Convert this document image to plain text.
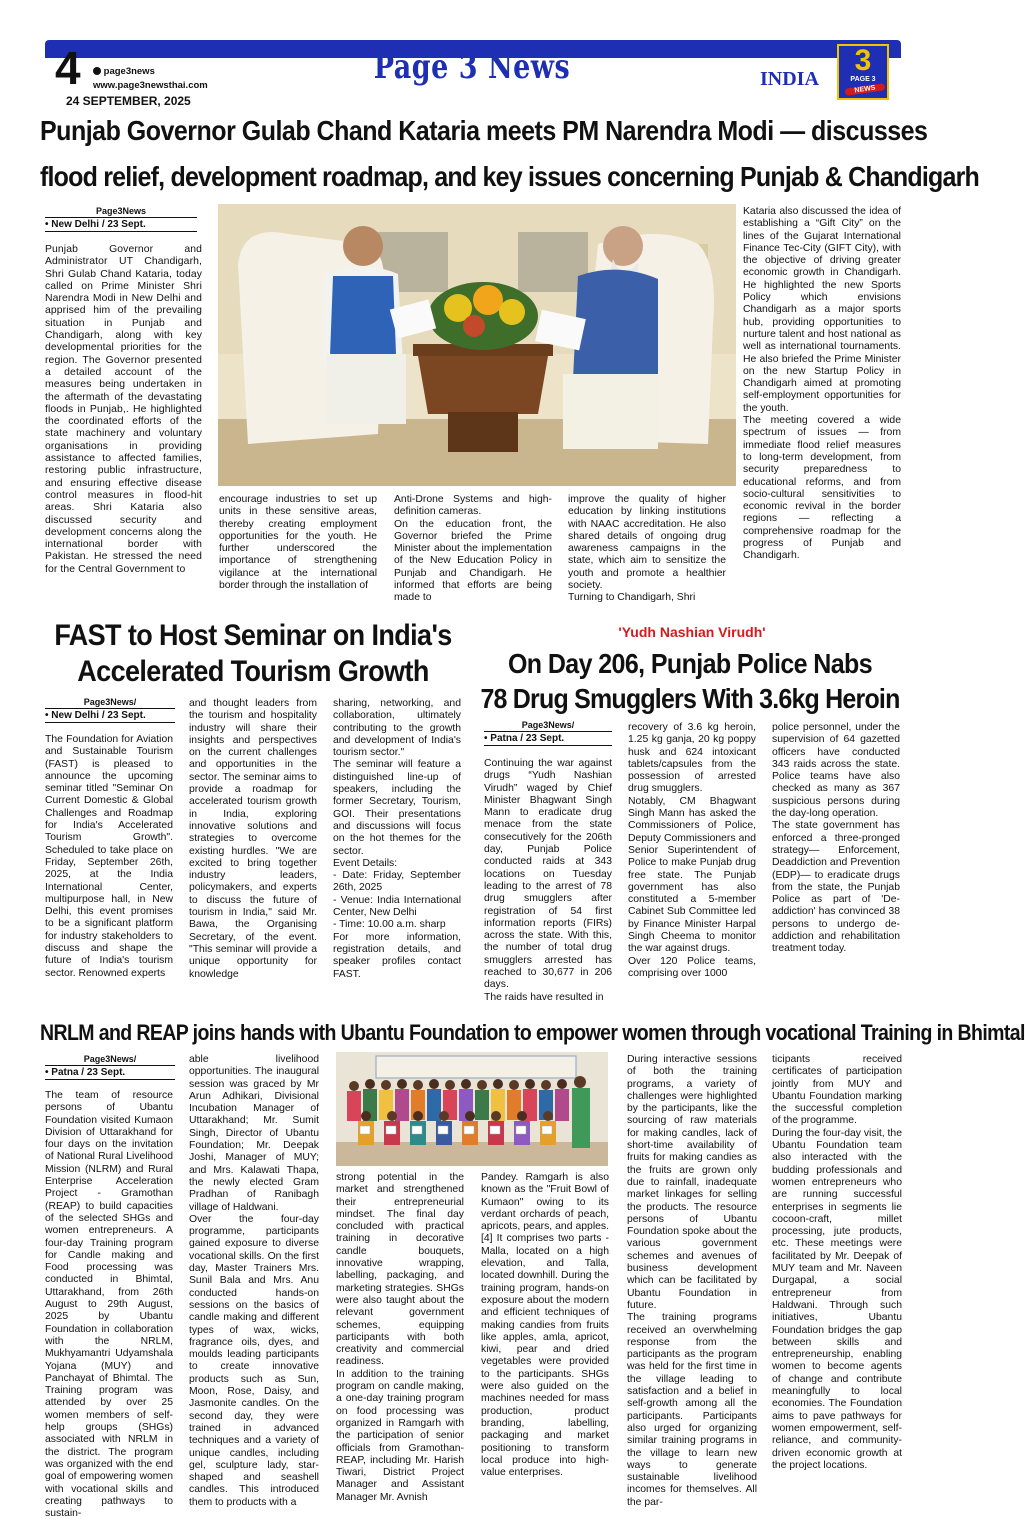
4	page3news
www.page3newsthai.com
24 SEPTEMBER, 2025
Page 3 News	INDIA
3
PAGE 3
NEWS
Punjab Governor Gulab Chand Kataria meets PM Narendra Modi — discusses
flood relief, development roadmap, and key issues concerning Punjab & Chandigarh
Page3News
• New Delhi / 23 Sept.
Punjab Governor and Administrator UT Chandigarh, Shri Gulab Chand Kataria, today called on Prime Minister Shri Narendra Modi in New Delhi and apprised him of the prevailing situation in Punjab and Chandigarh, along with key developmental priorities for the region. The Governor presented a detailed account of the measures being undertaken in the aftermath of the devastating floods in Punjab,. He highlighted the coordinated efforts of the state machinery and voluntary organisations in providing assistance to affected families, restoring public infrastructure, and ensuring effective disease control measures in flood-hit areas. Shri Kataria also discussed security and development concerns along the international border with Pakistan. He stressed the need for the Central Government to
encourage industries to set up units in these sensitive areas, thereby creating employment opportunities for the youth. He further underscored the importance of strengthening vigilance at the international border through the installation of
Anti-Drone Systems and high-definition cameras.
On the education front, the Governor briefed the Prime Minister about the implementation of the New Education Policy in Punjab and Chandigarh. He informed that efforts are being made to
improve the quality of higher education by linking institutions with NAAC accreditation. He also shared details of ongoing drug awareness campaigns in the state, which aim to sensitize the youth and promote a healthier society.
Turning to Chandigarh, Shri
Kataria also discussed the idea of establishing a “Gift City” on the lines of the Gujarat International Finance Tec-City (GIFT City), with the objective of driving greater economic growth in Chandigarh. He highlighted the new Sports Policy which envisions Chandigarh as a major sports hub, providing opportunities to nurture talent and host national as well as international tournaments. He also briefed the Prime Minister on the new Startup Policy in Chandigarh aimed at promoting self-employment opportunities for the youth.
The meeting covered a wide spectrum of issues — from immediate flood relief measures to long-term development, from security preparedness to educational reforms, and from socio-cultural sensitivities to economic revival in the border regions — reflecting a comprehensive roadmap for the progress of Punjab and Chandigarh.
FAST to Host Seminar on India's
Accelerated Tourism Growth
Page3News/
• New Delhi / 23 Sept.
The Foundation for Aviation and Sustainable Tourism (FAST) is pleased to announce the upcoming seminar titled "Seminar On Current Domestic & Global Challenges and Roadmap for India's Accelerated Tourism Growth". Scheduled to take place on Friday, September 26th, 2025, at the India International Center, multipurpose hall, in New Delhi, this event promises to be a significant platform for industry stakeholders to discuss and shape the future of India's tourism sector. Renowned experts
and thought leaders from the tourism and hospitality industry will share their insights and perspectives on the current challenges and opportunities in the sector. The seminar aims to provide a roadmap for accelerated tourism growth in India, exploring innovative solutions and strategies to overcome existing hurdles. "We are excited to bring together industry leaders, policymakers, and experts to discuss the future of tourism in India," said Mr. Bawa, the Organising Secretary, of the event. "This seminar will provide a unique opportunity for knowledge
sharing, networking, and collaboration, ultimately contributing to the growth and development of India's tourism sector."
The seminar will feature a distinguished line-up of speakers, including the former Secretary, Tourism, GOI. Their presentations and discussions will focus on the hot themes for the sector.
Event Details:
- Date: Friday, September 26th, 2025
- Venue: India International Center, New Delhi
- Time: 10.00 a.m. sharp
For more information, registration details, and speaker profiles contact FAST.
'Yudh Nashian Virudh'
On Day 206, Punjab Police Nabs
78 Drug Smugglers With 3.6kg Heroin
Page3News/
• Patna / 23 Sept.
Continuing the war against drugs “Yudh Nashian Virudh” waged by Chief Minister Bhagwant Singh Mann to eradicate drug menace from the state consecutively for the 206th day, Punjab Police conducted raids at 343 locations on Tuesday leading to the arrest of 78 drug smugglers after registration of 54 first information reports (FIRs) across the state. With this, the number of total drug smugglers arrested has reached to 30,677 in 206 days.
The raids have resulted in
recovery of 3.6 kg heroin, 1.25 kg ganja, 20 kg poppy husk and 624 intoxicant tablets/capsules from the possession of arrested drug smugglers.
Notably, CM Bhagwant Singh Mann has asked the Commissioners of Police, Deputy Commissioners and Senior Superintendent of Police to make Punjab drug free state. The Punjab government has also constituted a 5-member Cabinet Sub Committee led by Finance Minister Harpal Singh Cheema to monitor the war against drugs.
Over 120 Police teams, comprising over 1000
police personnel, under the supervision of 64 gazetted officers have conducted 343 raids across the state. Police teams have also checked as many as 367 suspicious persons during the day-long operation.
The state government has enforced a three-pronged strategy— Enforcement, Deaddiction and Prevention (EDP)— to eradicate drugs from the state, the Punjab Police as part of 'De-addiction' has convinced 38 persons to undergo de-addiction and rehabilitation treatment today.
NRLM and REAP joins hands with Ubantu Foundation to empower women through vocational Training in Bhimtal
Page3News/
• Patna / 23 Sept.
The team of resource persons of Ubantu Foundation visited Kumaon Division of Uttarakhand for four days on the invitation of National Rural Livelihood Mission (NLRM) and Rural Enterprise Acceleration Project - Gramothan (REAP) to build capacities of the selected SHGs and women entrepreneurs. A four-day Training program for Candle making and Food processing was conducted in Bhimtal, Uttarakhand, from 26th August to 29th August, 2025 by Ubantu Foundation in collaboration with the NRLM, Mukhyamantri Udyamshala Yojana (MUY) and Panchayat of Bhimtal. The Training program was attended by over 25 women members of self-help groups (SHGs) associated with NRLM in the district. The program was organized with the end goal of empowering women with vocational skills and creating pathways to sustain-
able livelihood opportunities. The inaugural session was graced by Mr Arun Adhikari, Divisional Incubation Manager of Uttarakhand; Mr. Sumit Singh, Director of Ubantu Foundation; Mr. Deepak Joshi, Manager of MUY; and Mrs. Kalawati Thapa, the newly elected Gram Pradhan of Ranibagh village of Haldwani.
Over the four-day programme, participants gained exposure to diverse vocational skills. On the first day, Master Trainers Mrs. Sunil Bala and Mrs. Anu conducted hands-on sessions on the basics of candle making and different types of wax, wicks, fragrance oils, dyes, and moulds leading participants to create innovative products such as Sun, Moon, Rose, Daisy, and Jasmonite candles. On the second day, they were trained in advanced techniques and a variety of unique candles, including gel, sculpture lady, star-shaped and seashell candles. This introduced them to products with a
strong potential in the market and strengthened their entrepreneurial mindset. The final day concluded with practical training in decorative candle bouquets, innovative wrapping, labelling, packaging, and marketing strategies. SHGs were also taught about the relevant government schemes, equipping participants with both creativity and commercial readiness.
In addition to the training program on candle making, a one-day training program on food processing was organized in Ramgarh with the participation of senior officials from Gramothan-REAP, including Mr. Harish Tiwari, District Project Manager and Assistant Manager Mr. Avnish
Pandey. Ramgarh is also known as the "Fruit Bowl of Kumaon" owing to its verdant orchards of peach, apricots, pears, and apples.[4] It comprises two parts - Malla, located on a high elevation, and Talla, located downhill. During the training program, hands-on exposure about the modern and efficient techniques of making candies from fruits like apples, amla, apricot, kiwi, pear and dried vegetables were provided to the participants. SHGs were also guided on the machines needed for mass production, product branding, labelling, packaging and market positioning to transform local produce into high-value enterprises.
During interactive sessions of both the training programs, a variety of challenges were highlighted by the participants, like the sourcing of raw materials for making candles, lack of short-time availability of fruits for making candies as the fruits are grown only due to rainfall, inadequate market linkages for selling the products. The resource persons of Ubantu Foundation spoke about the various government schemes and avenues of business development which can be facilitated by Ubantu Foundation in future.
The training programs received an overwhelming response from the participants as the program was held for the first time in the village leading to satisfaction and a belief in self-growth among all the participants. Participants also urged for organizing similar training programs in the village to learn new ways to generate sustainable livelihood incomes for themselves. All the par-
ticipants received certificates of participation jointly from MUY and Ubantu Foundation marking the successful completion of the programme.
During the four-day visit, the Ubantu Foundation team also interacted with the budding professionals and women entrepreneurs who are running successful enterprises in segments lie cocoon-craft, millet processing, jute products, etc. These meetings were facilitated by Mr. Deepak of MUY team and Mr. Naveen Durgapal, a social entrepreneur from Haldwani. Through such initiatives, Ubantu Foundation bridges the gap between skills and entrepreneurship, enabling women to become agents of change and contribute meaningfully to local economies. The Foundation aims to pave pathways for women empowerment, self-reliance, and community-driven economic growth at the project locations.
